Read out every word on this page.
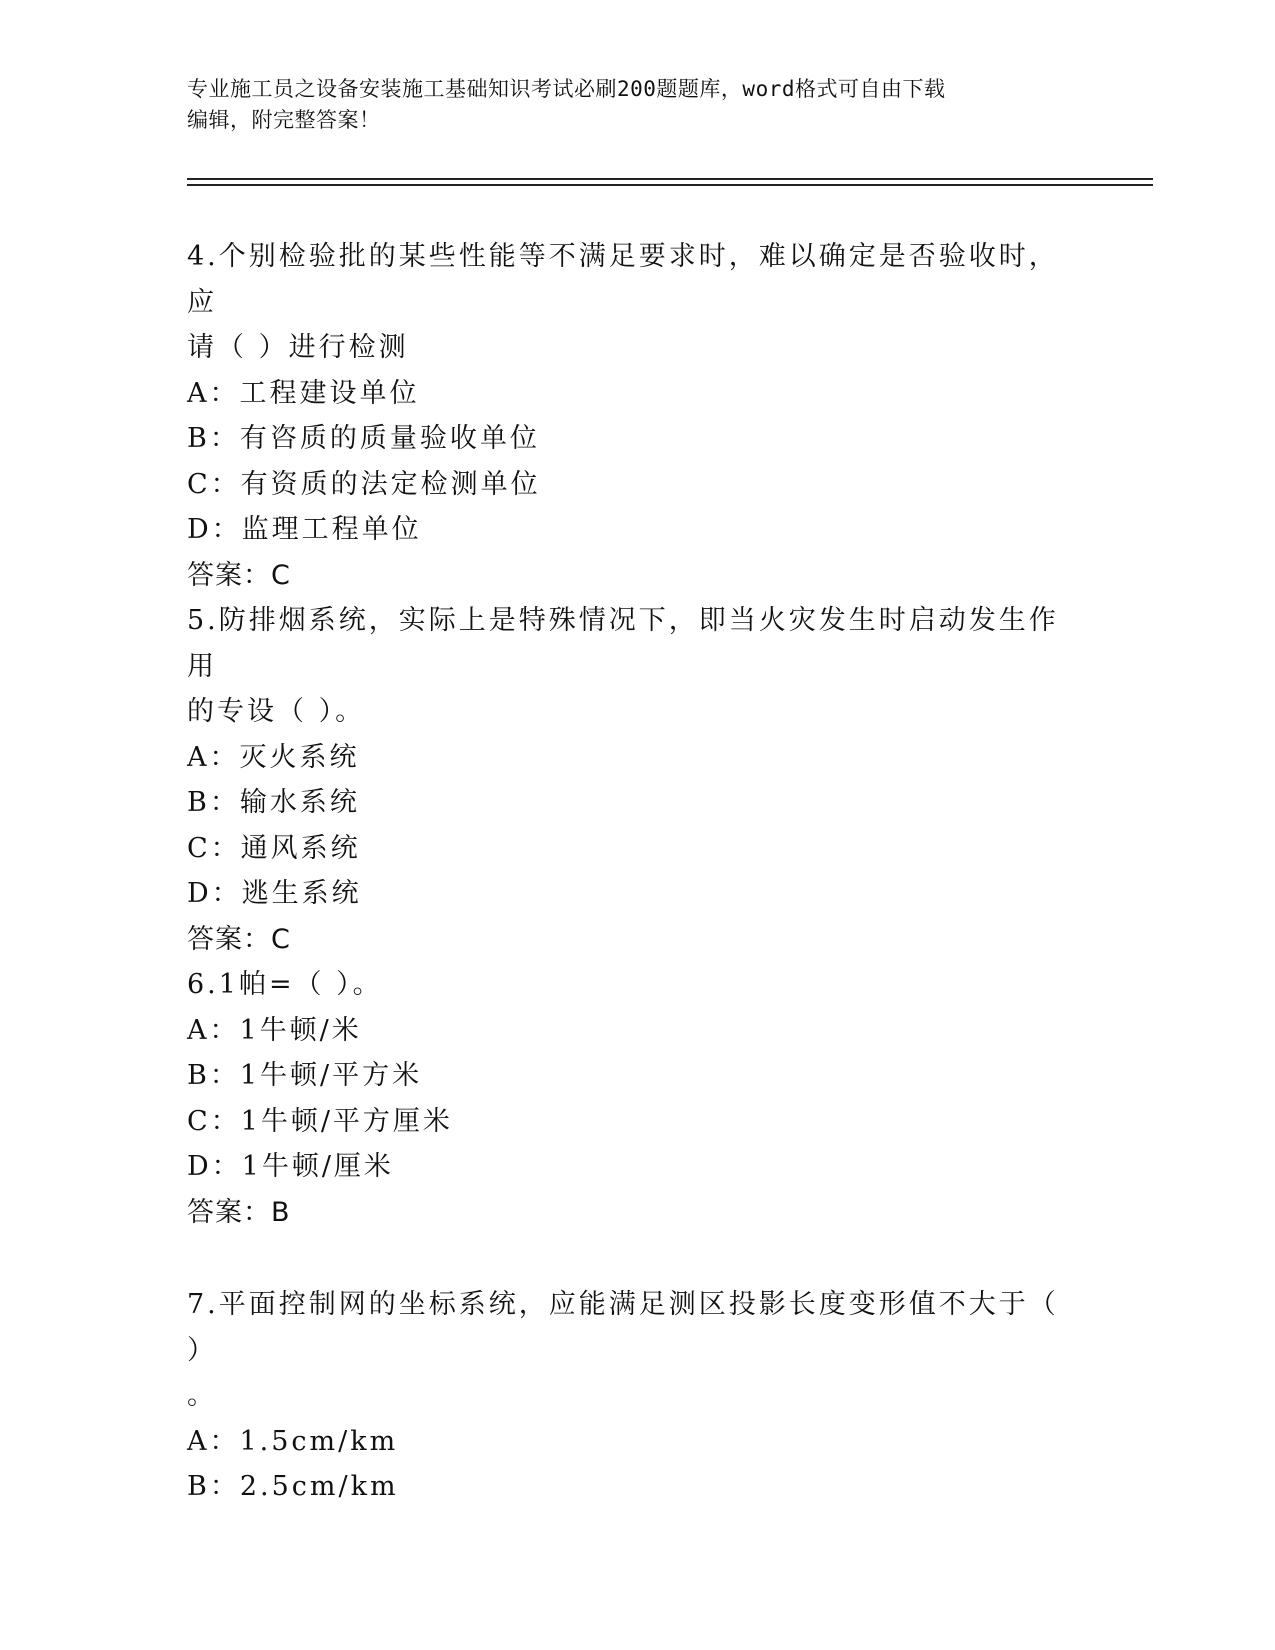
专业施工员之设备安装施工基础知识考试必刷200题题库，word格式可自由下载
编辑，附完整答案！

4.个别检验批的某些性能等不满足要求时，难以确定是否验收时，应

请（ ）进行检测

A：工程建设单位

B：有咨质的质量验收单位

C：有资质的法定检测单位

D：监理工程单位

答案：C

5.防排烟系统，实际上是特殊情况下，即当火灾发生时启动发生作用

的专设（ ）。

A：灭火系统

B：输水系统

C：通风系统

D：逃生系统

答案：C

6.1帕=（ ）。

A：1牛顿/米

B：1牛顿/平方米

C：1牛顿/平方厘米

D：1牛顿/厘米

答案：B

7.平面控制网的坐标系统，应能满足测区投影长度变形值不大于（ ）

。

A：1.5cm/km

B：2.5cm/km
